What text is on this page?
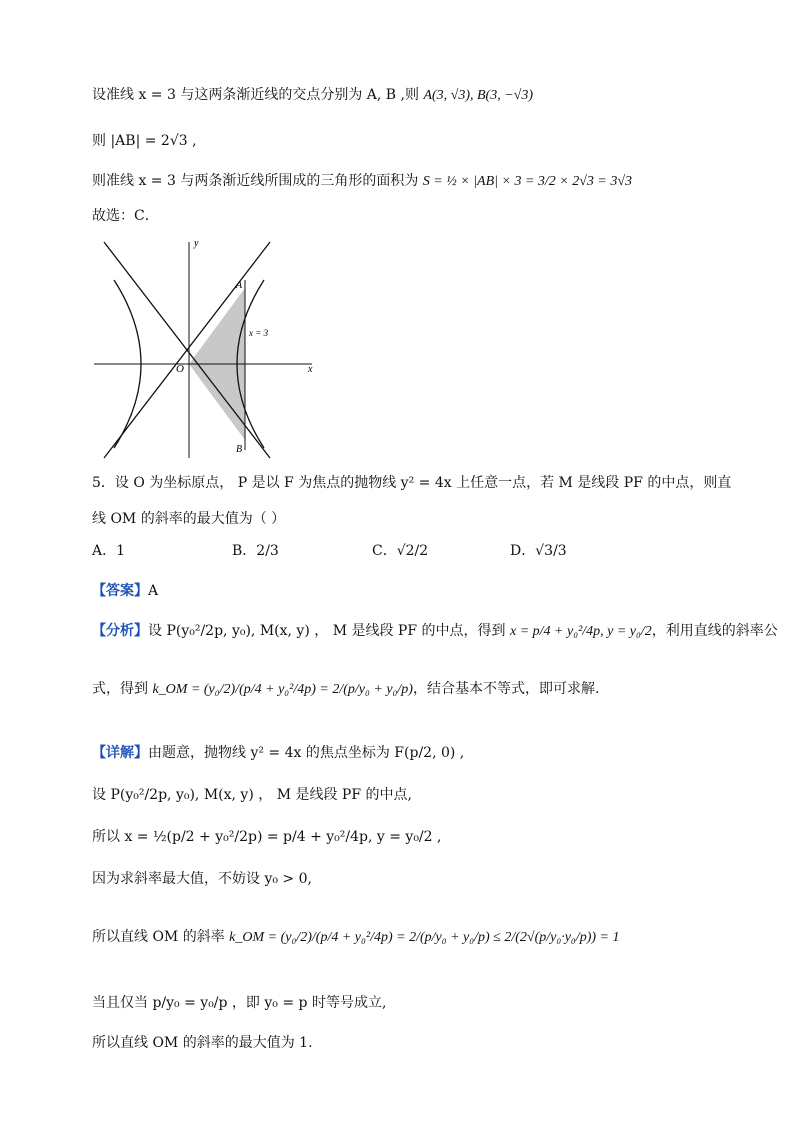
设准线 x = 3 与这两条渐近线的交点分别为 A, B ,则 A(3, √3), B(3, −√3)
则 |AB| = 2√3 ,
则准线 x = 3 与两条渐近线所围成的三角形的面积为 S = ½ × |AB| × 3 = 3/2 × 2√3 = 3√3
故选：C．
x
y
O
A
B
x = 3
5．设 O 为坐标原点， P 是以 F 为焦点的抛物线 y² = 4x 上任意一点，若 M 是线段 PF 的中点，则直
线 OM 的斜率的最大值为（ ）
A．1	B．2/3	C．√2/2	D．√3/3
【答案】A
【分析】设 P(y₀²/2p, y₀), M(x, y) ， M 是线段 PF 的中点，得到 x = p/4 + y₀²/4p, y = y₀/2，利用直线的斜率公
式，得到 k_OM = (y₀/2)/(p/4 + y₀²/4p) = 2/(p/y₀ + y₀/p)，结合基本不等式，即可求解.
【详解】由题意，抛物线 y² = 4x 的焦点坐标为 F(p/2, 0) ,
设 P(y₀²/2p, y₀), M(x, y) ， M 是线段 PF 的中点,
所以 x = ½(p/2 + y₀²/2p) = p/4 + y₀²/4p, y = y₀/2 ,
因为求斜率最大值，不妨设 y₀ > 0,
所以直线 OM 的斜率 k_OM = (y₀/2)/(p/4 + y₀²/4p) = 2/(p/y₀ + y₀/p) ≤ 2/(2√(p/y₀·y₀/p)) = 1
当且仅当 p/y₀ = y₀/p ，即 y₀ = p 时等号成立,
所以直线 OM 的斜率的最大值为 1.
